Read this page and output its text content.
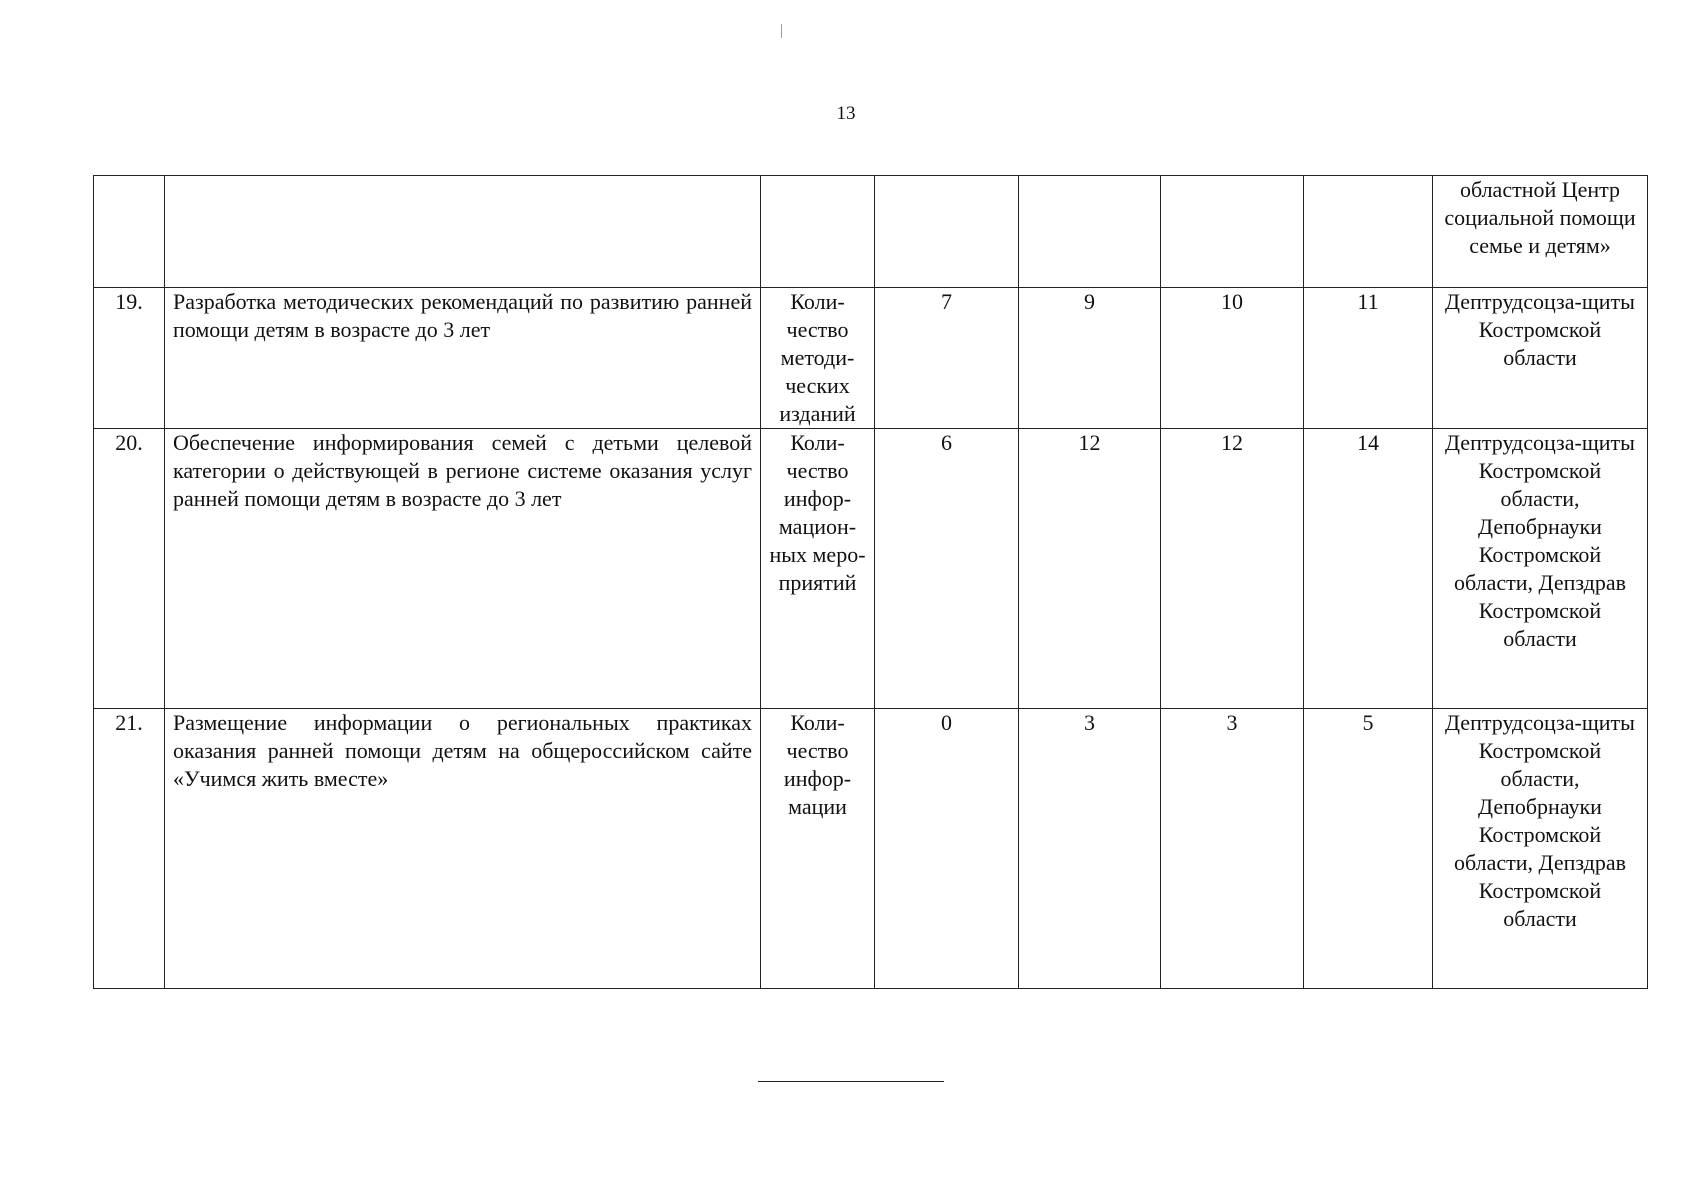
13
							областной Центр социальной помощи семье и детям»
19.	Разработка методических рекомендаций по развитию ранней помощи детям в возрасте до 3 лет	Коли-чество методи-ческих изданий	7	9	10	11	Дептрудсоцза-щиты Костромской области
20.	Обеспечение информирования семей с детьми целевой категории о действующей в регионе системе оказания услуг ранней помощи детям в возрасте до 3 лет	Коли-чество инфор-мацион-ных меро-приятий	6	12	12	14	Дептрудсоцза-щиты Костромской области, Депобрнауки Костромской области, Депздрав Костромской области
21.	Размещение информации о региональных практиках оказания ранней помощи детям на общероссийском сайте «Учимся жить вместе»	Коли-чество инфор-мации	0	3	3	5	Дептрудсоцза-щиты Костромской области, Депобрнауки Костромской области, Депздрав Костромской области
